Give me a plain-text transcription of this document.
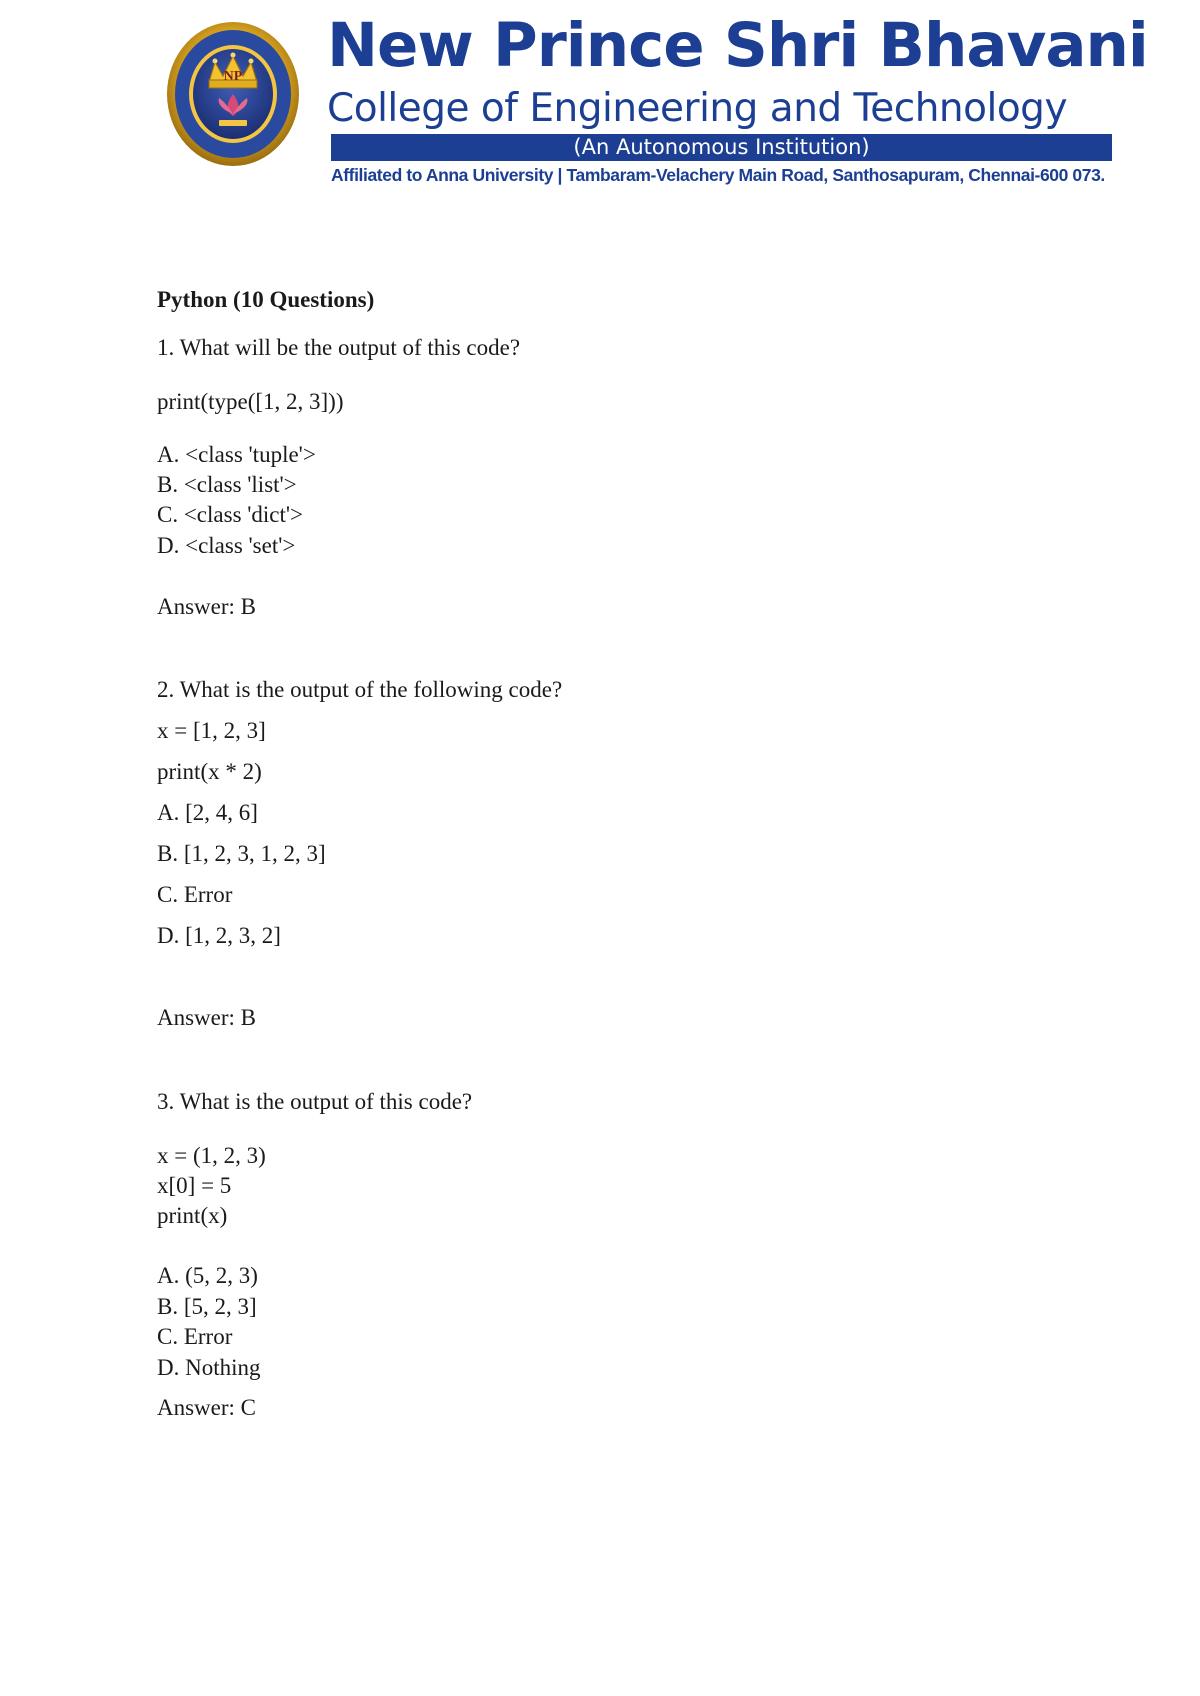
NP New Prince Shri Bhavani
College of Engineering and Technology
(An Autonomous Institution)
Affiliated to Anna University | Tambaram-Velachery Main Road, Santhosapuram, Chennai-600 073.
Python (10 Questions)
1. What will be the output of this code?
print(type([1, 2, 3]))
A. <class 'tuple'>
B. <class 'list'>
C. <class 'dict'>
D. <class 'set'>
Answer: B
2. What is the output of the following code?
x = [1, 2, 3]
print(x * 2)
A. [2, 4, 6]
B. [1, 2, 3, 1, 2, 3]
C. Error
D. [1, 2, 3, 2]
Answer: B
3. What is the output of this code?
x = (1, 2, 3)
x[0] = 5
print(x)
A. (5, 2, 3)
B. [5, 2, 3]
C. Error
D. Nothing
Answer: C
